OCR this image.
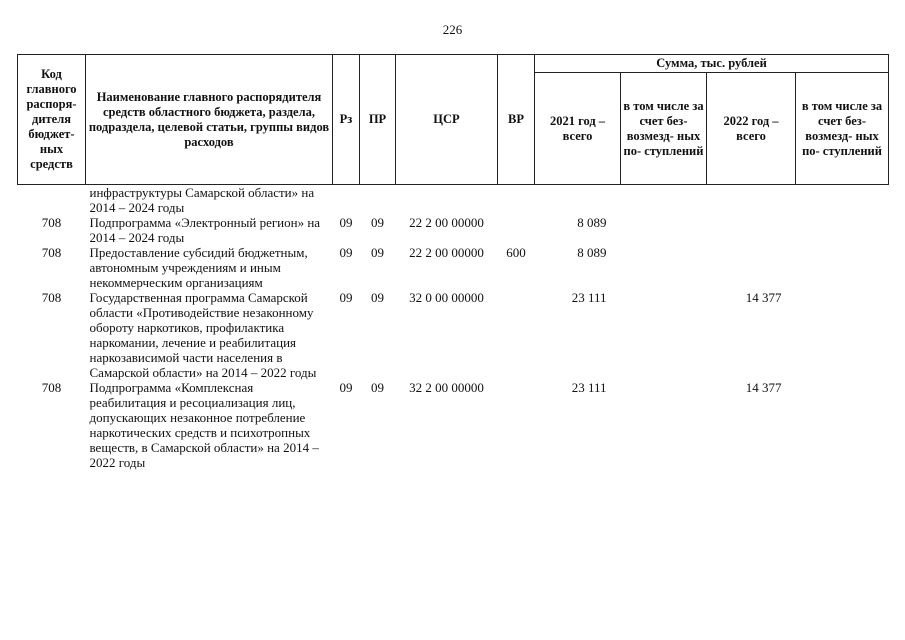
226
Код главного распоря- дителя бюджет- ных средств	Наименование главного распорядителя средств областного бюджета, раздела, подраздела, целевой статьи, группы видов расходов	Рз	ПР	ЦСР	ВР	Сумма, тыс. рублей			
						2021 год – всего	в том числе за счет без- возмезд- ных по- ступлений	2022 год – всего	в том числе за счет без- возмезд- ных по- ступлений
	инфраструктуры Самарской области» на 2014 – 2024 годы								
708	Подпрограмма «Электронный регион» на 2014 – 2024 годы	09	09	22 2 00 00000		8 089			
708	Предоставление субсидий бюджетным, автономным учреждениям и иным некоммерческим организациям	09	09	22 2 00 00000	600	8 089			
708	Государственная программа Самарской области «Противодействие незаконному обороту наркотиков, профилактика наркомании, лечение и реабилитация наркозависимой части населения в Самарской области» на 2014 – 2022 годы	09	09	32 0 00 00000		23 111		14 377	
708	Подпрограмма «Комплексная реабилитация и ресоциализация лиц, допускающих незаконное потребление наркотических средств и психотропных веществ, в Самарской области» на 2014 – 2022 годы	09	09	32 2 00 00000		23 111		14 377	
